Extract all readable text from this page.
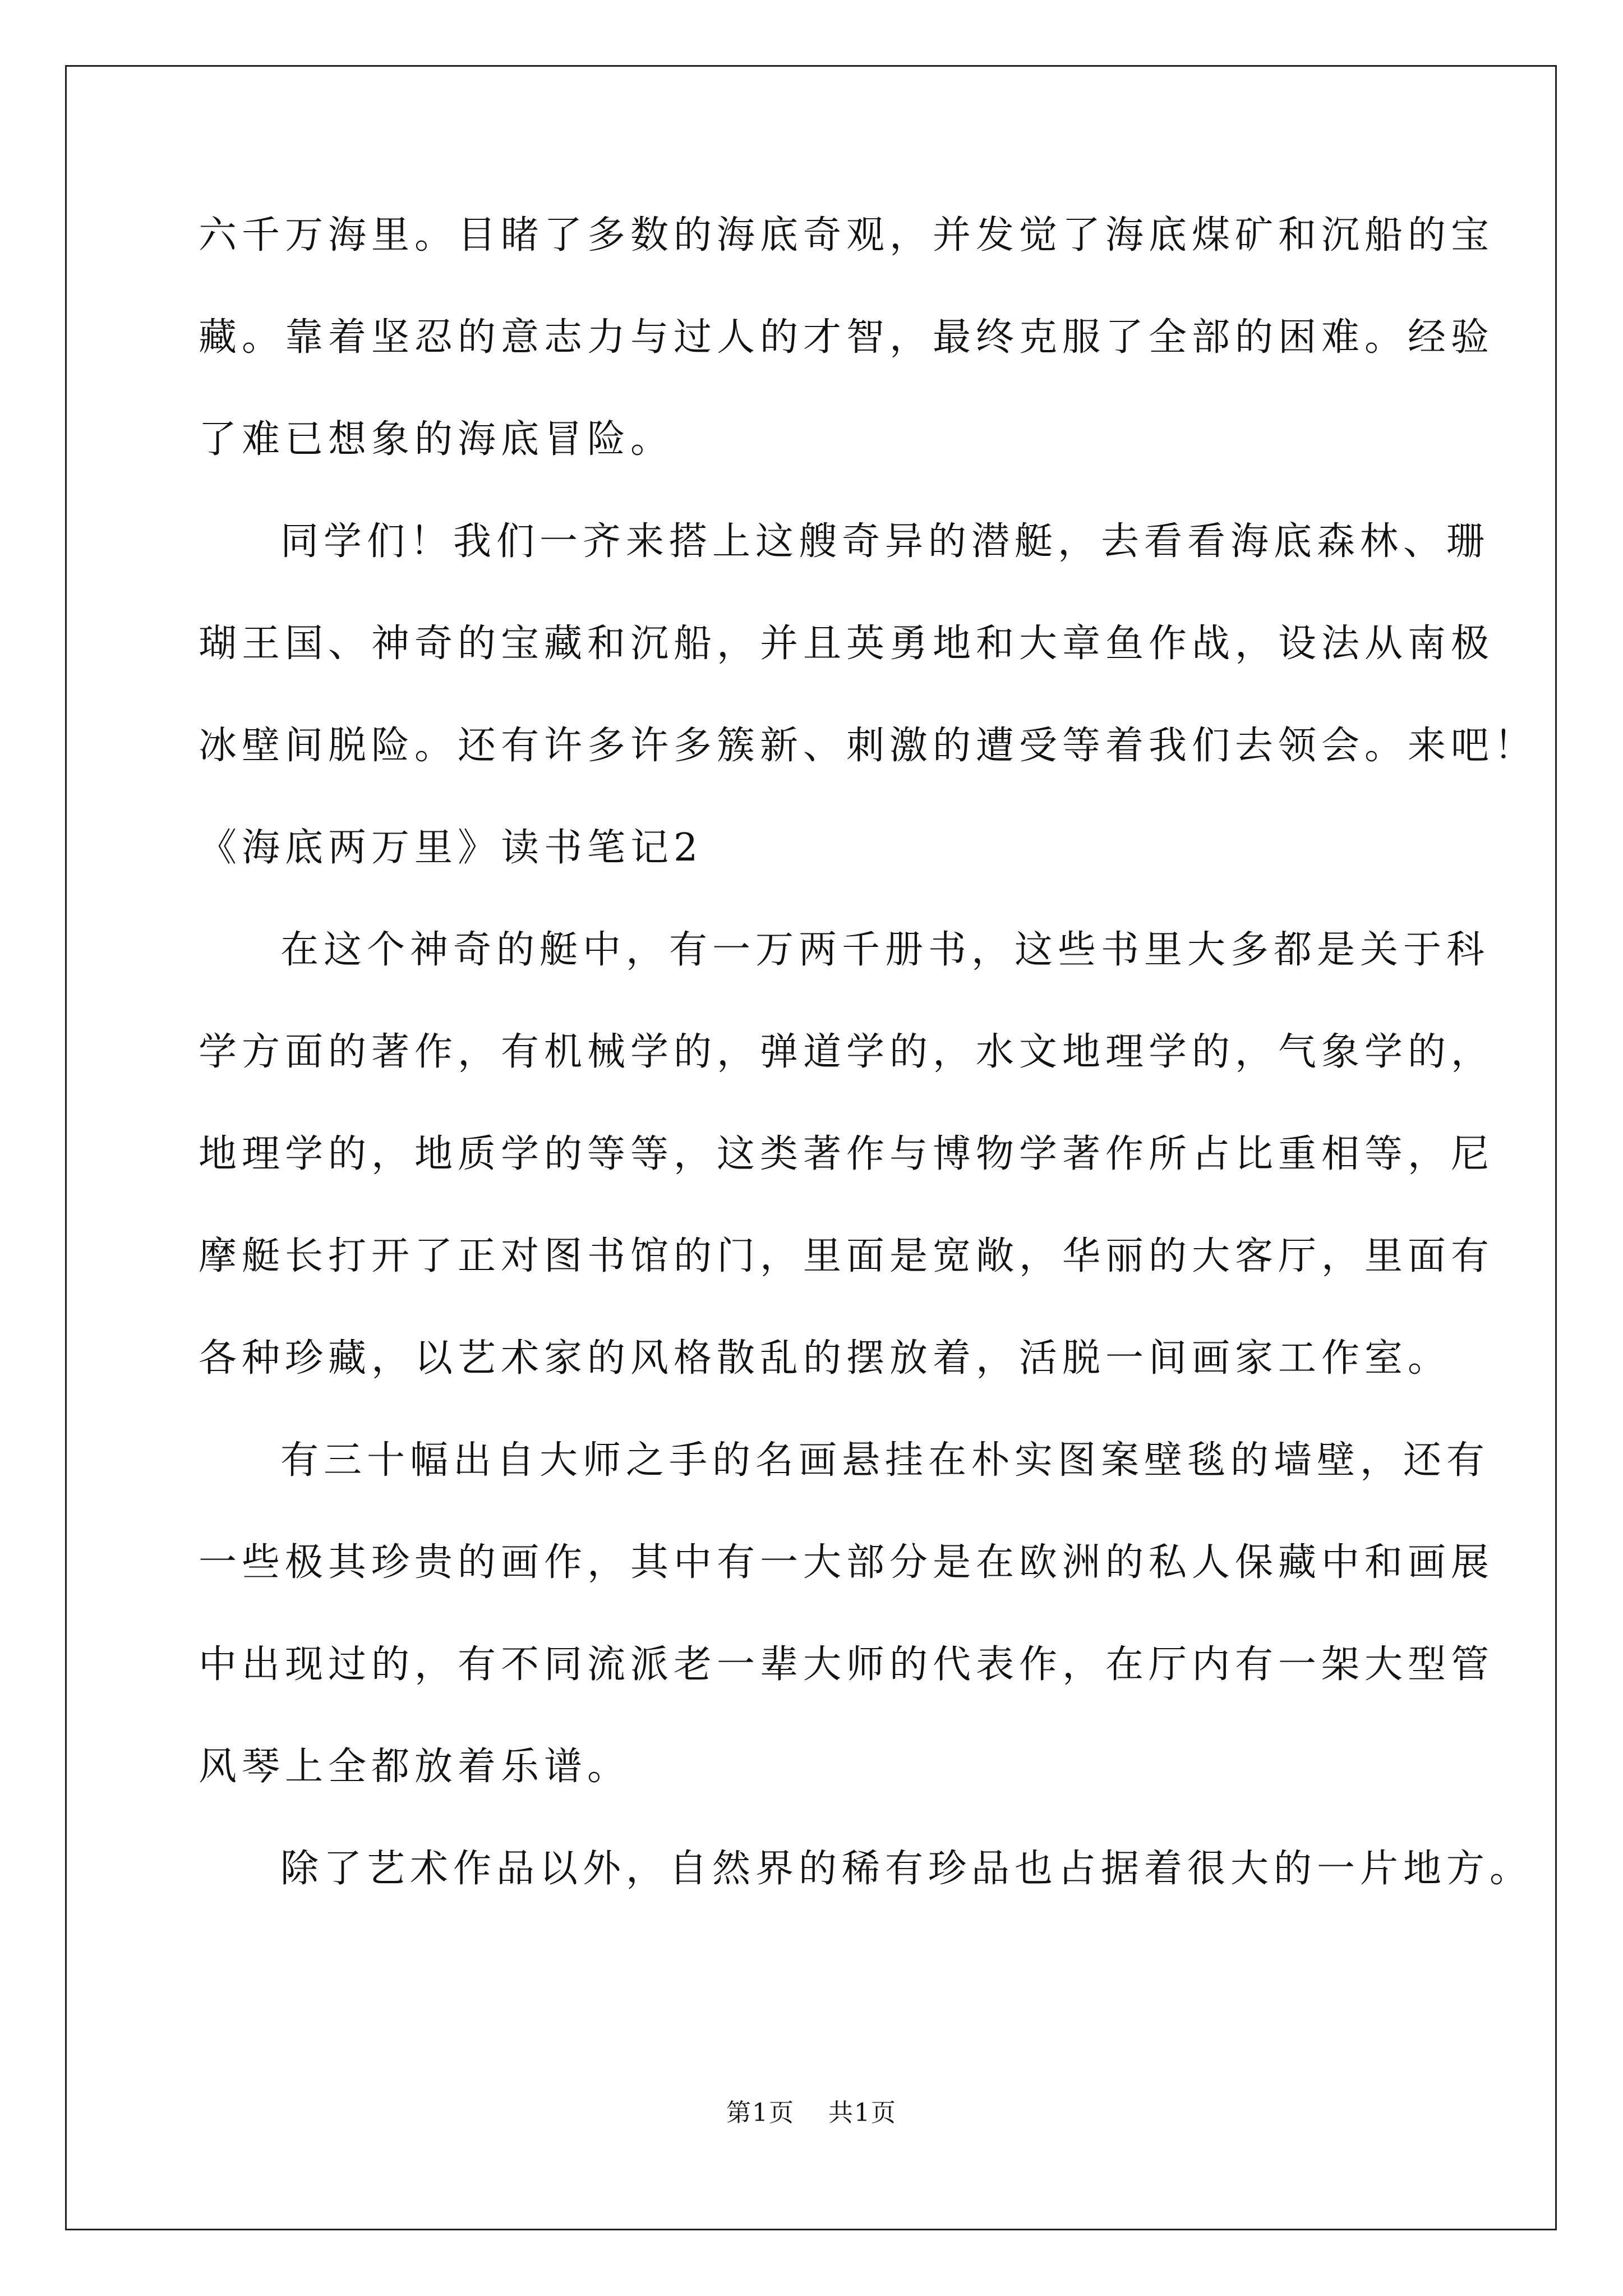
六千万海里。目睹了多数的海底奇观，并发觉了海底煤矿和沉船的宝
藏。靠着坚忍的意志力与过人的才智，最终克服了全部的困难。经验
了难已想象的海底冒险。
同学们！我们一齐来搭上这艘奇异的潜艇，去看看海底森林、珊
瑚王国、神奇的宝藏和沉船，并且英勇地和大章鱼作战，设法从南极
冰壁间脱险。还有许多许多簇新、刺激的遭受等着我们去领会。来吧！
《海底两万里》读书笔记2
在这个神奇的艇中，有一万两千册书，这些书里大多都是关于科
学方面的著作，有机械学的，弹道学的，水文地理学的，气象学的，
地理学的，地质学的等等，这类著作与博物学著作所占比重相等，尼
摩艇长打开了正对图书馆的门，里面是宽敞，华丽的大客厅，里面有
各种珍藏，以艺术家的风格散乱的摆放着，活脱一间画家工作室。
有三十幅出自大师之手的名画悬挂在朴实图案壁毯的墙壁，还有
一些极其珍贵的画作，其中有一大部分是在欧洲的私人保藏中和画展
中出现过的，有不同流派老一辈大师的代表作，在厅内有一架大型管
风琴上全都放着乐谱。
除了艺术作品以外，自然界的稀有珍品也占据着很大的一片地方。
第1页 共1页
